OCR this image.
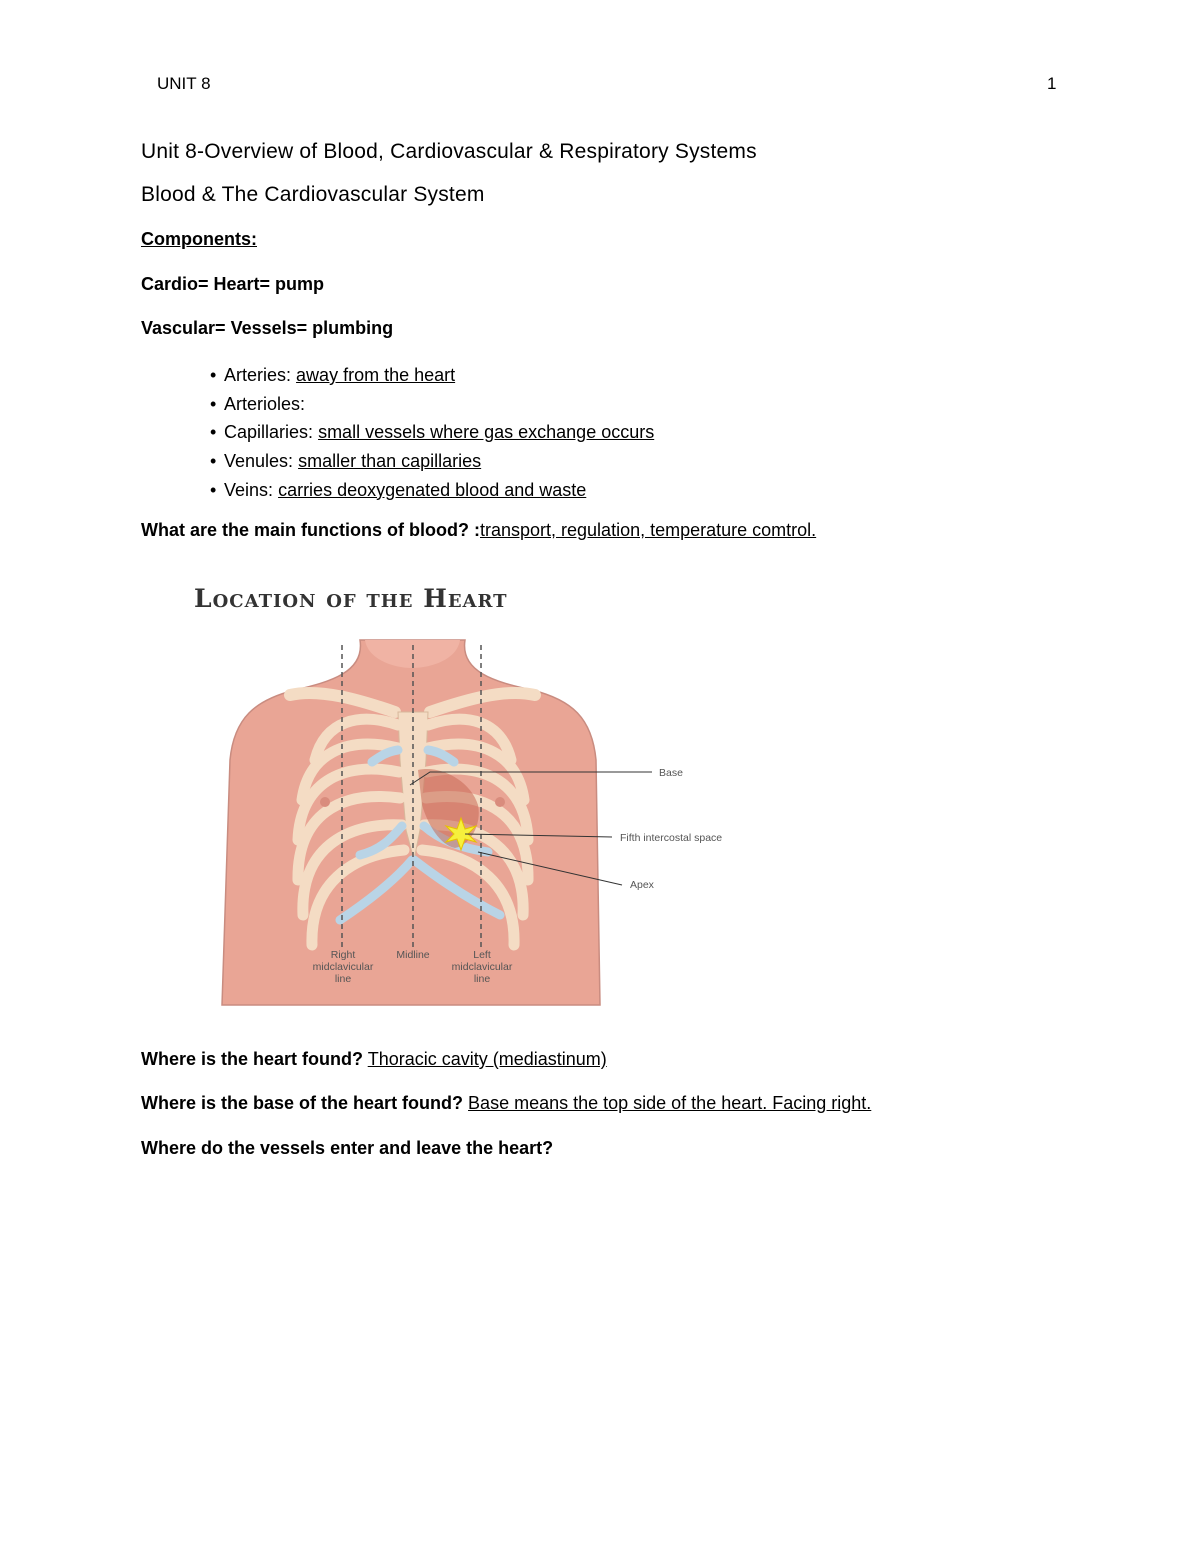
UNIT 8	1
Unit 8-Overview of Blood, Cardiovascular & Respiratory Systems
Blood & The Cardiovascular System
Components:
Cardio= Heart= pump
Vascular= Vessels= plumbing
• Arteries: away from the heart
• Arterioles:
• Capillaries: small vessels where gas exchange occurs
• Venules: smaller than capillaries
• Veins: carries deoxygenated blood and waste
What are the main functions of blood? :transport, regulation, temperature comtrol.
Location of the Heart
Base
Fifth intercostal space
Apex
Right
midclavicular
line
Midline	Left
midclavicular
line
Where is the heart found? Thoracic cavity (mediastinum)
Where is the base of the heart found? Base means the top side of the heart. Facing right.
Where do the vessels enter and leave the heart?
